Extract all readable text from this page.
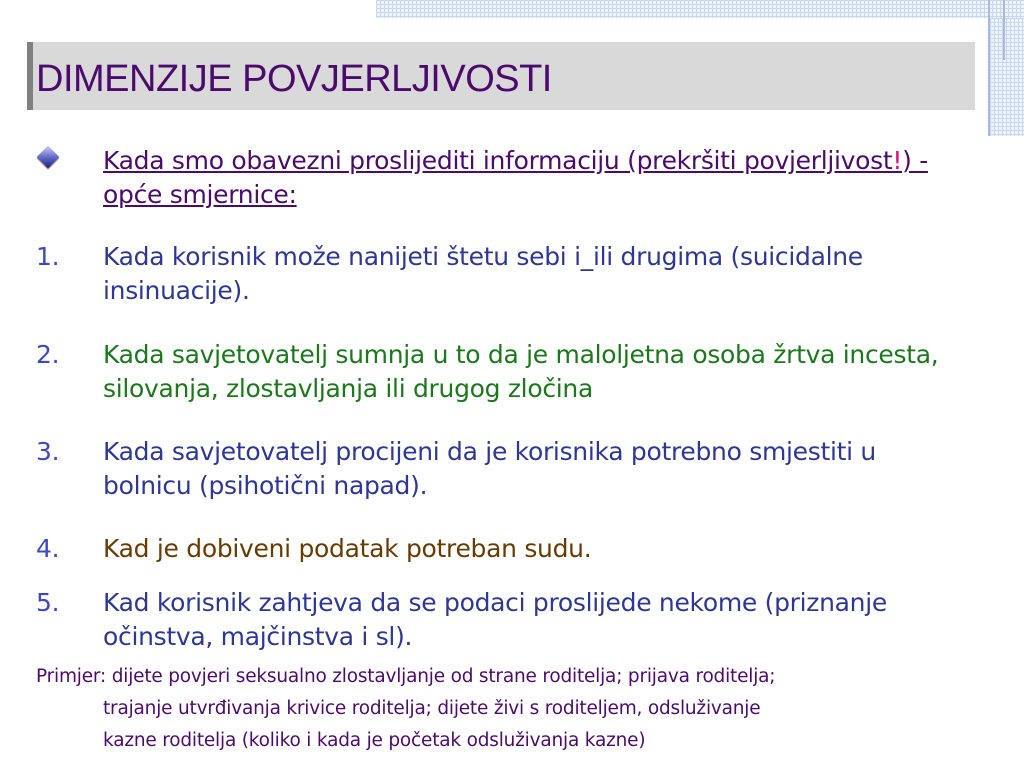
DIMENZIJE POVJERLJIVOSTI
Kada smo obavezni proslijediti informaciju (prekršiti povjerljivost!) - opće smjernice:
1.	Kada korisnik može nanijeti štetu sebi i_ili drugima (suicidalne insinuacije).
2.	Kada savjetovatelj sumnja u to da je maloljetna osoba žrtva incesta, silovanja, zlostavljanja ili drugog zločina
3.	Kada savjetovatelj procijeni da je korisnika potrebno smjestiti u bolnicu (psihotični napad).
4.	Kad je dobiveni podatak potreban sudu.
5.	Kad korisnik zahtjeva da se podaci proslijede nekome (priznanje očinstva, majčinstva i sl).
Primjer: dijete povjeri seksualno zlostavljanje od strane roditelja; prijava roditelja;
trajanje utvrđivanja krivice roditelja; dijete živi s roditeljem, odsluživanje
kazne roditelja (koliko i kada je početak odsluživanja kazne)
